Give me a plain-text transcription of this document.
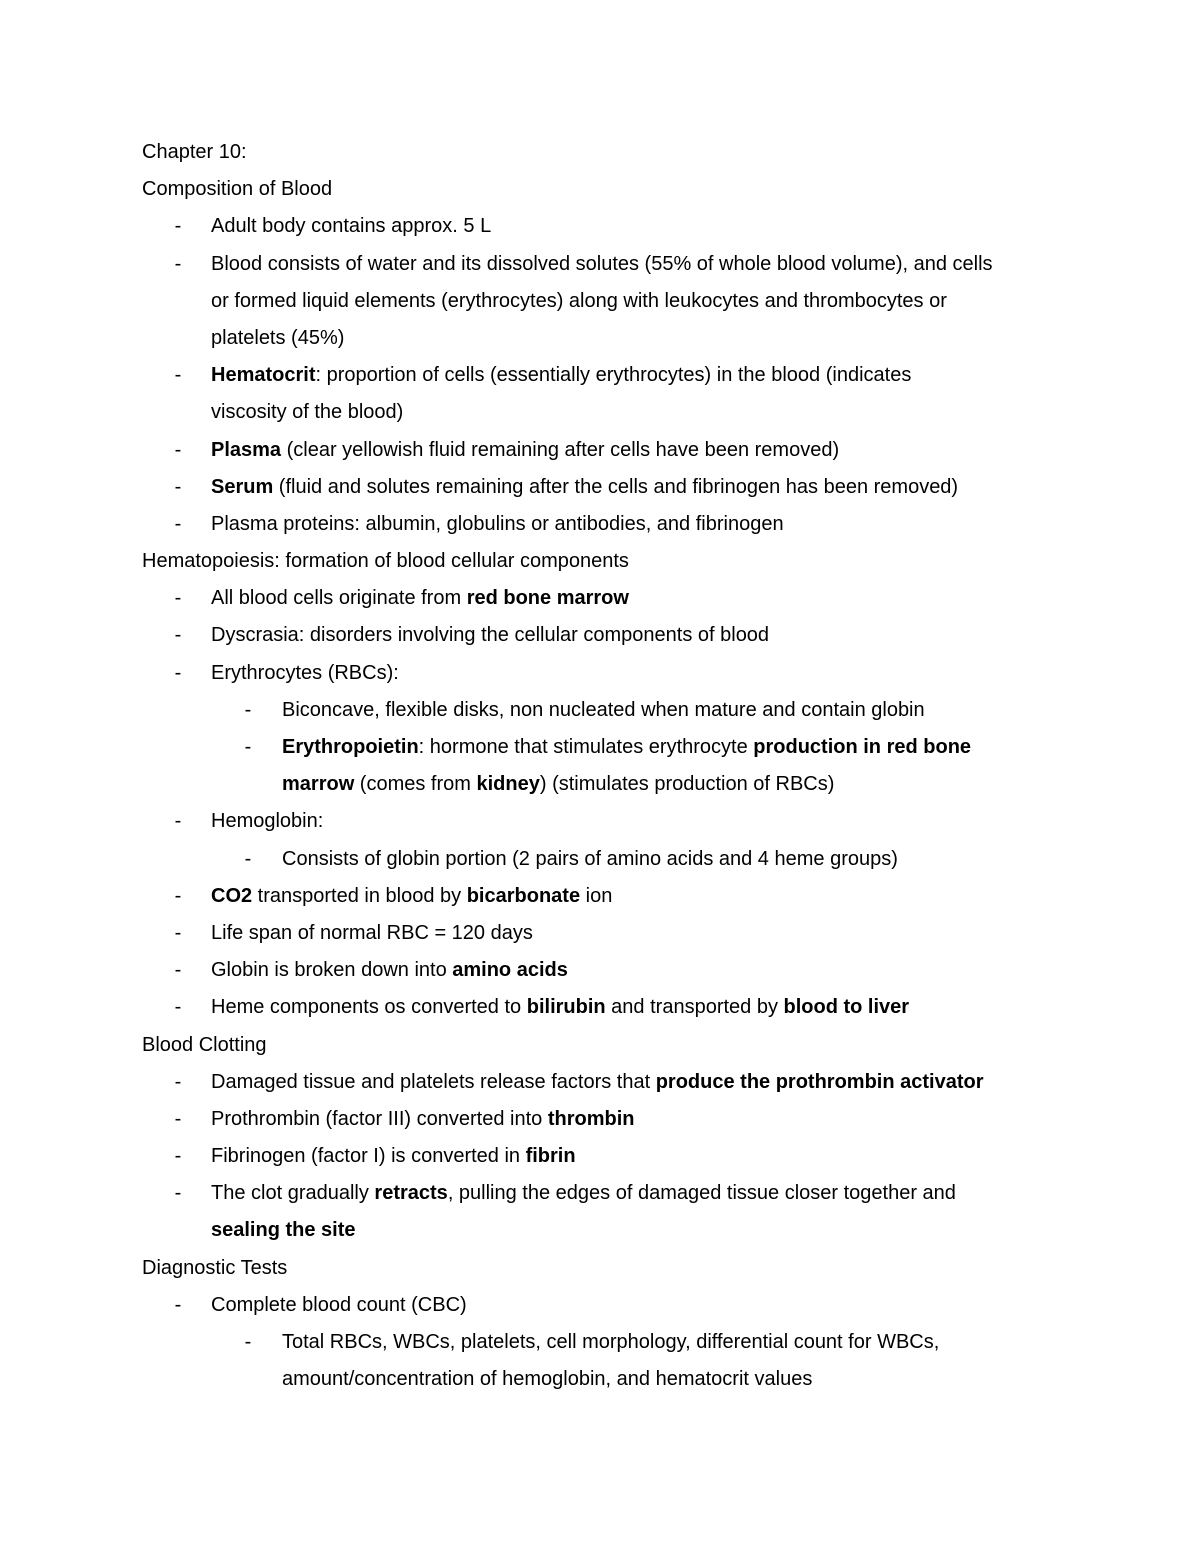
Chapter 10:
Composition of Blood
- Adult body contains approx. 5 L
- Blood consists of water and its dissolved solutes (55% of whole blood volume), and cells
or formed liquid elements (erythrocytes) along with leukocytes and thrombocytes or
platelets (45%)
- Hematocrit: proportion of cells (essentially erythrocytes) in the blood (indicates
viscosity of the blood)
- Plasma (clear yellowish fluid remaining after cells have been removed)
- Serum (fluid and solutes remaining after the cells and fibrinogen has been removed)
- Plasma proteins: albumin, globulins or antibodies, and fibrinogen
Hematopoiesis: formation of blood cellular components
- All blood cells originate from red bone marrow
- Dyscrasia: disorders involving the cellular components of blood
- Erythrocytes (RBCs):
- Biconcave, flexible disks, non nucleated when mature and contain globin
- Erythropoietin: hormone that stimulates erythrocyte production in red bone
marrow (comes from kidney) (stimulates production of RBCs)
- Hemoglobin:
- Consists of globin portion (2 pairs of amino acids and 4 heme groups)
- CO2 transported in blood by bicarbonate ion
- Life span of normal RBC = 120 days
- Globin is broken down into amino acids
- Heme components os converted to bilirubin and transported by blood to liver
Blood Clotting
- Damaged tissue and platelets release factors that produce the prothrombin activator
- Prothrombin (factor III) converted into thrombin
- Fibrinogen (factor I) is converted in fibrin
- The clot gradually retracts, pulling the edges of damaged tissue closer together and
sealing the site
Diagnostic Tests
- Complete blood count (CBC)
- Total RBCs, WBCs, platelets, cell morphology, differential count for WBCs,
amount/concentration of hemoglobin, and hematocrit values
